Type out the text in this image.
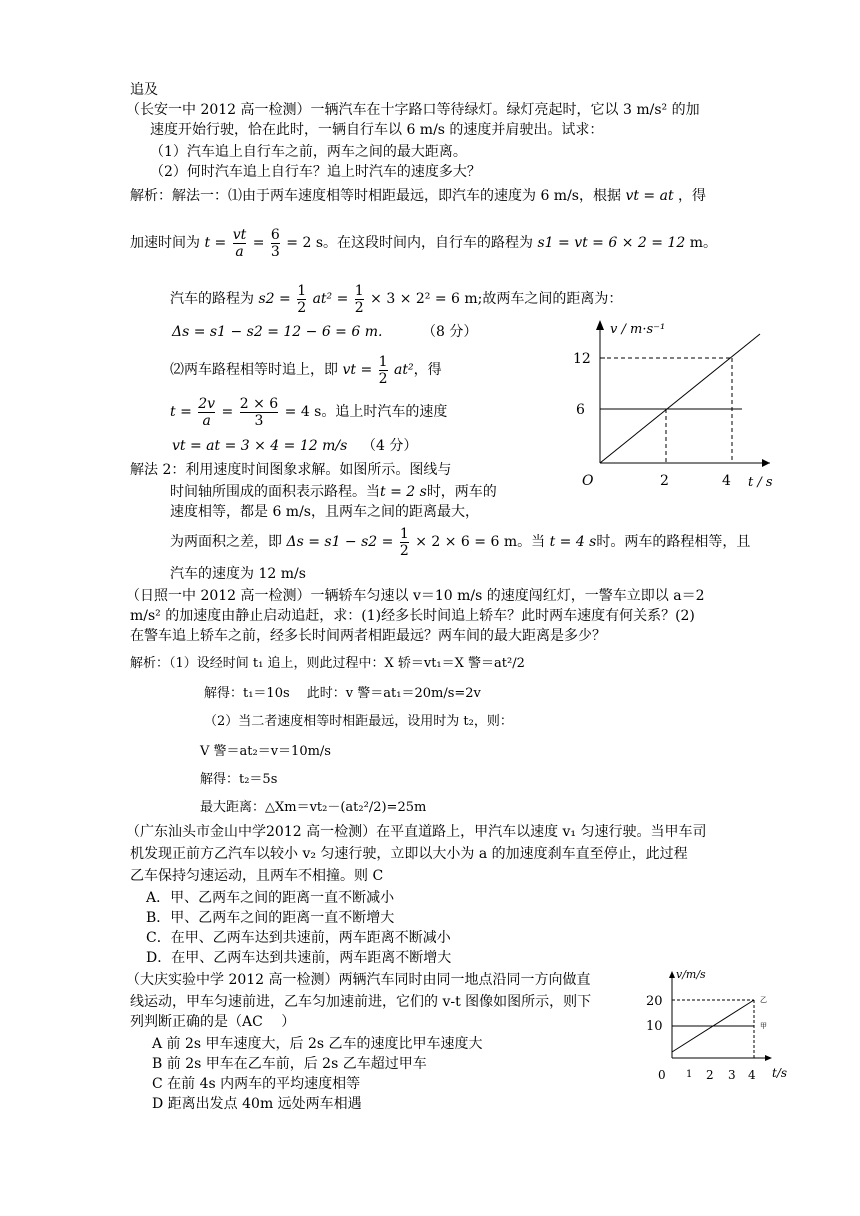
追及
（长安一中 2012 高一检测）一辆汽车在十字路口等待绿灯。绿灯亮起时，它以 3 m/s² 的加
速度开始行驶，恰在此时，一辆自行车以 6 m/s 的速度并肩驶出。试求：
（1）汽车追上自行车之前，两车之间的最大距离。
（2）何时汽车追上自行车？追上时汽车的速度多大？
解析：解法一：⑴由于两车速度相等时相距最远，即汽车的速度为 6 m/s，根据 vt = at ，得
加速时间为 $t = \frac{vt}{a} = \frac{6}{3} = 2$ s。在这段时间内，自行车的路程为 s1 = vt = 6 × 2 = 12 m。
汽车的路程为 $s2 = \frac{1}{2} at^2 = \frac{1}{2} \times 3 \times 2^2 = 6$ m;故两车之间的距离为：
Δs = s1 − s2 = 12 − 6 = 6 m.	（8 分）
⑵两车路程相等时追上，即 vt = $\frac{1}{2} at^2$，得
$t = \frac{2v}{a} = \frac{2 \times 6}{3} = 4$ s。追上时汽车的速度
vt = at = 3 × 4 = 12 m/s （4 分）
解法 2：利用速度时间图象求解。如图所示。图线与
时间轴所围成的面积表示路程。当t = 2 s时，两车的
速度相等，都是 6 m/s，且两车之间的距离最大，
为两面积之差，即 $\Delta s = s1 - s2 = \frac{1}{2} \times 2 \times 6 = 6$ m。当 t = 4 s时。两车的路程相等，且
汽车的速度为 12 m/s
v / m·s⁻¹
t / s
O
12
6
2	4
（日照一中 2012 高一检测）一辆轿车匀速以 v＝10 m/s 的速度闯红灯，一警车立即以 a＝2
m/s² 的加速度由静止启动追赶，求：(1)经多长时间追上轿车？此时两车速度有何关系？(2)
在警车追上轿车之前，经多长时间两者相距最远？两车间的最大距离是多少？
解析：（1）设经时间 t₁ 追上，则此过程中：X 轿＝vt₁＝X 警＝at²/2
解得：t₁＝10s　 此时：v 警＝at₁＝20m/s=2v
（2）当二者速度相等时相距最远，设用时为 t₂，则：
V 警＝at₂＝v＝10m/s
解得：t₂＝5s
最大距离：△Xm＝vt₂－(at₂²/2)=25m
（广东汕头市金山中学2012 高一检测）在平直道路上，甲汽车以速度 v₁ 匀速行驶。当甲车司
机发现正前方乙汽车以较小 v₂ 匀速行驶，立即以大小为 a 的加速度刹车直至停止，此过程
乙车保持匀速运动，且两车不相撞。则 C
A．甲、乙两车之间的距离一直不断减小
B．甲、乙两车之间的距离一直不断增大
C．在甲、乙两车达到共速前，两车距离不断减小
D．在甲、乙两车达到共速前，两车距离不断增大
（大庆实验中学 2012 高一检测）两辆汽车同时由同一地点沿同一方向做直
线运动，甲车匀速前进，乙车匀加速前进，它们的 v-t 图像如图所示，则下
列判断正确的是（AC　 ）
A 前 2s 甲车速度大，后 2s 乙车的速度比甲车速度大
B 前 2s 甲车在乙车前，后 2s 乙车超过甲车
C 在前 4s 内两车的平均速度相等
D 距离出发点 40m 远处两车相遇
v/m/s
t/s
20
10
0 1 2 3 4
乙
甲
